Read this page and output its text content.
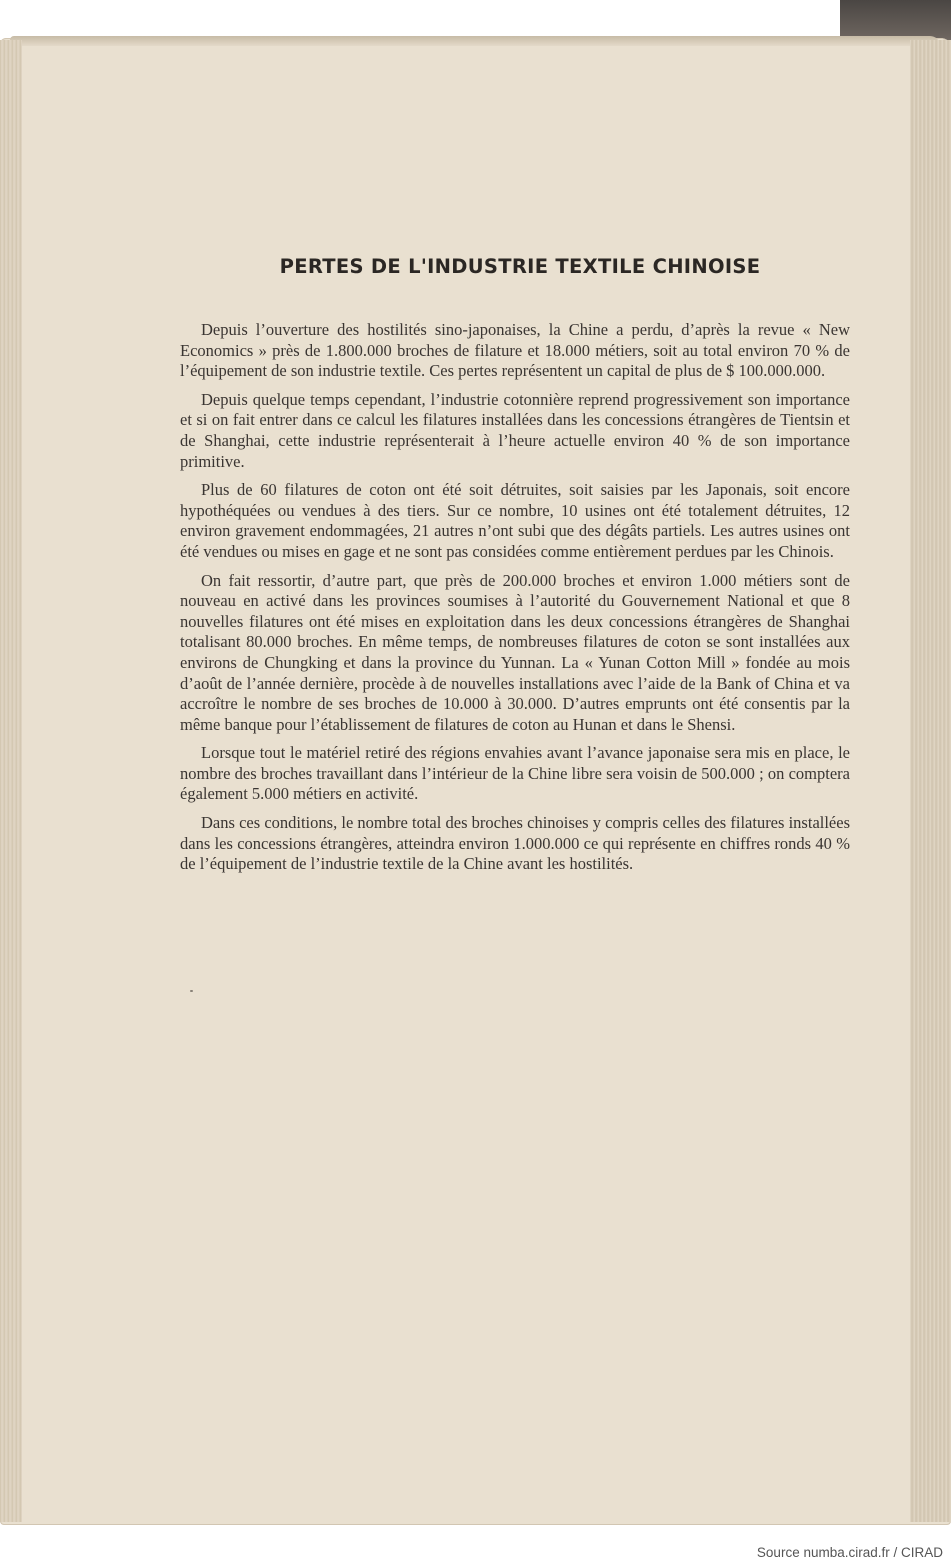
PERTES DE L'INDUSTRIE TEXTILE CHINOISE

Depuis l’ouverture des hostilités sino-japonaises, la Chine a perdu, d’après la revue « New Economics » près de 1.800.000 broches de filature et 18.000 métiers, soit au total environ 70 % de l’équipement de son industrie textile. Ces pertes représentent un capital de plus de $ 100.000.000.

Depuis quelque temps cependant, l’industrie cotonnière reprend progressivement son importance et si on fait entrer dans ce calcul les filatures installées dans les concessions étrangères de Tientsin et de Shanghai, cette industrie représenterait à l’heure actuelle environ 40 % de son importance primitive.

Plus de 60 filatures de coton ont été soit détruites, soit saisies par les Japonais, soit encore hypothéquées ou vendues à des tiers. Sur ce nombre, 10 usines ont été totalement détruites, 12 environ gravement endommagées, 21 autres n’ont subi que des dégâts partiels. Les autres usines ont été vendues ou mises en gage et ne sont pas considées comme entièrement perdues par les Chinois.

On fait ressortir, d’autre part, que près de 200.000 broches et environ 1.000 métiers sont de nouveau en activé dans les provinces soumises à l’autorité du Gouvernement National et que 8 nouvelles filatures ont été mises en exploitation dans les deux concessions étrangères de Shanghai totalisant 80.000 broches. En même temps, de nombreuses filatures de coton se sont installées aux environs de Chungking et dans la province du Yunnan. La « Yunan Cotton Mill » fondée au mois d’août de l’année dernière, procède à de nouvelles installations avec l’aide de la Bank of China et va accroître le nombre de ses broches de 10.000 à 30.000. D’autres emprunts ont été consentis par la même banque pour l’établissement de filatures de coton au Hunan et dans le Shensi.

Lorsque tout le matériel retiré des régions envahies avant l’avance japonaise sera mis en place, le nombre des broches travaillant dans l’intérieur de la Chine libre sera voisin de 500.000 ; on comptera également 5.000 métiers en activité.

Dans ces conditions, le nombre total des broches chinoises y compris celles des filatures installées dans les concessions étrangères, atteindra environ 1.000.000 ce qui représente en chiffres ronds 40 % de l’équipement de l’industrie textile de la Chine avant les hostilités.

Source numba.cirad.fr / CIRAD
